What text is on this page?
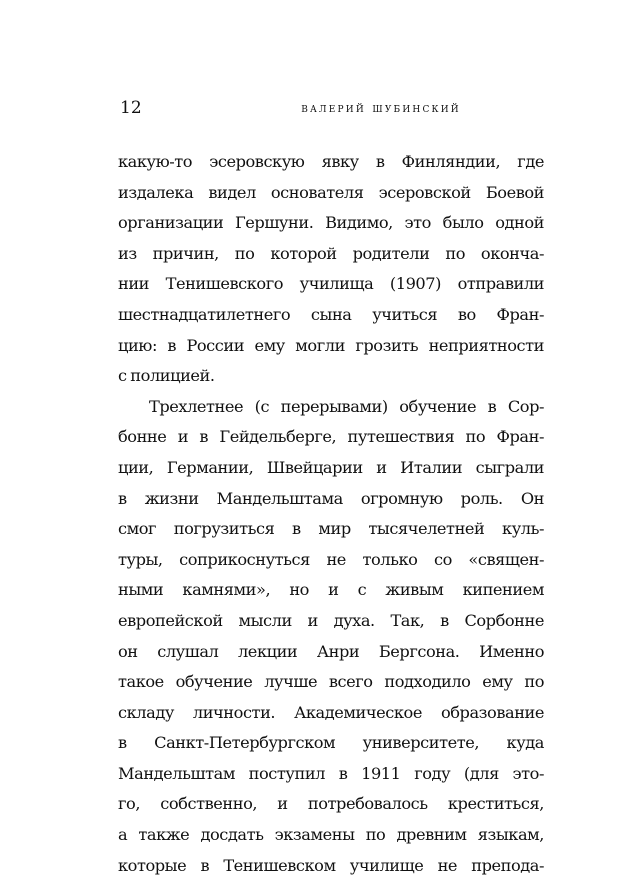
12	валерий шубинский
какую-то эсеровскую явку в Финляндии, где
издалека видел основателя эсеровской Боевой
организации Гершуни. Видимо, это было одной
из причин, по которой родители по оконча-
нии Тенишевского училища (1907) отправили
шестнадцатилетнего сына учиться во Фран-
цию: в России ему могли грозить неприятности
с полицией.
Трехлетнее (с перерывами) обучение в Сор-
бонне и в Гейдельберге, путешествия по Фран-
ции, Германии, Швейцарии и Италии сыграли
в жизни Мандельштама огромную роль. Он
смог погрузиться в мир тысячелетней куль-
туры, соприкоснуться не только со «священ-
ными камнями», но и с живым кипением
европейской мысли и духа. Так, в Сорбонне
он слушал лекции Анри Бергсона. Именно
такое обучение лучше всего подходило ему по
складу личности. Академическое образование
в Санкт-Петербургском университете, куда
Мандельштам поступил в 1911 году (для это-
го, собственно, и потребовалось креститься,
а также досдать экзамены по древним языкам,
которые в Тенишевском училище не препода-
